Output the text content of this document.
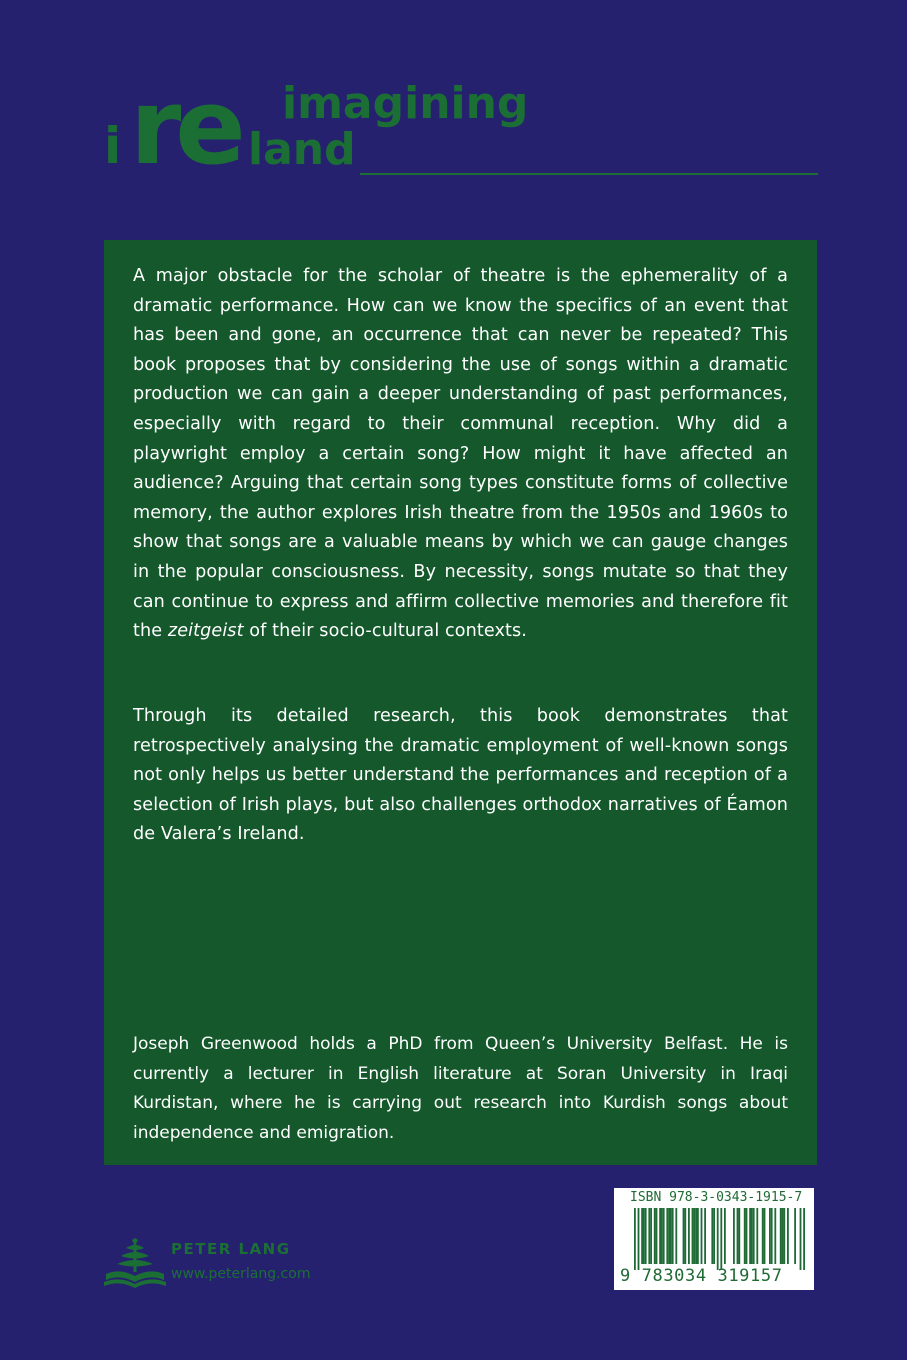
i re imagining
land

A major obstacle for the scholar of theatre is the ephemerality of a dramatic performance. How can we know the specifics of an event that has been and gone, an occurrence that can never be repeated? This book proposes that by considering the use of songs within a dramatic production we can gain a deeper understanding of past performances, especially with regard to their communal reception. Why did a playwright employ a certain song? How might it have affected an audience? Arguing that certain song types constitute forms of collective memory, the author explores Irish theatre from the 1950s and 1960s to show that songs are a valuable means by which we can gauge changes in the popular consciousness. By necessity, songs mutate so that they can continue to express and affirm collective memories and therefore fit the zeitgeist of their socio-cultural contexts.

Through its detailed research, this book demonstrates that retrospectively analysing the dramatic employment of well-known songs not only helps us better understand the performances and reception of a selection of Irish plays, but also challenges orthodox narratives of Éamon de Valera’s Ireland.

Joseph Greenwood holds a PhD from Queen’s University Belfast. He is currently a lecturer in English literature at Soran University in Iraqi Kurdistan, where he is carrying out research into Kurdish songs about independence and emigration.

PETER LANG
www.peterlang.com
ISBN 978-3-0343-1915-7
9 783034 319157
